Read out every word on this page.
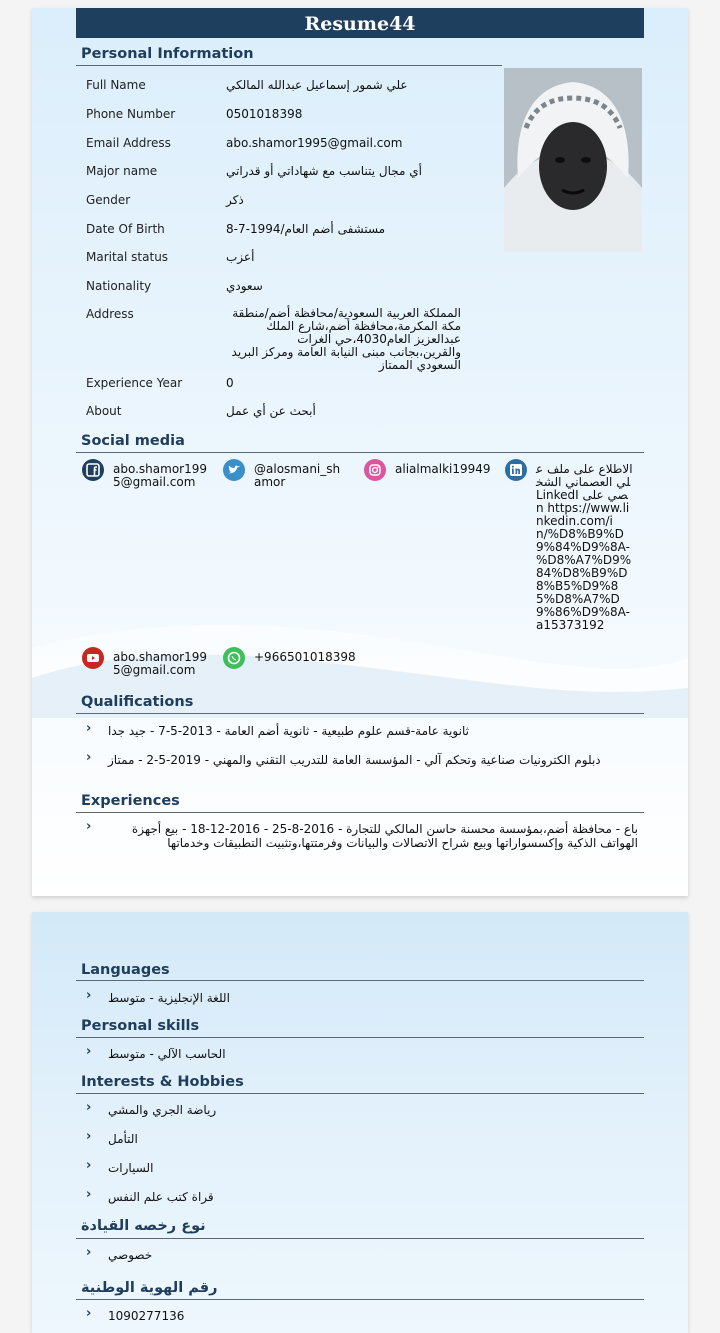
Resume44
Personal Information
Full Name	علي شمور إسماعيل عبدالله المالكي
Phone Number	0501018398
Email Address	abo.shamor1995@gmail.com
Major name	أي مجال يتناسب مع شهاداتي أو قدراتي
Gender	ذكر
Date Of Birth	مستشفى أضم العام/1994-7-8
Marital status	أعزب
Nationality	سعودي
Address	المملكة العربية السعودية/محافظة أضم/منطقة مكة المكرمة،محافظة أضم،شارع الملك عبدالعزيز العام4030،حي الغرات والقرين،بجانب مبنى النيابة العامة ومركز البريد السعودي الممتاز
Experience Year	0
About	أبحث عن أي عمل
Social media
abo.shamor1995@gmail.com
@alosmani_shamor
alialmalki19949	الاطلاع على ملف علي العصماني الشخصي على LinkedIn https://www.linkedin.com/in/%D8%B9%D9%84%D9%8A-%D8%A7%D9%84%D8%B9%D8%B5%D9%85%D8%A7%D9%86%D9%8A-a15373192
abo.shamor1995@gmail.com
+966501018398
Qualifications
› ثانوية عامة-قسم علوم طبيعية - ثانوية أضم العامة - 2013-5-7 - جيد جدا
› دبلوم الكترونيات صناعية وتحكم آلي - المؤسسة العامة للتدريب التقني والمهني - 2019-5-2 - ممتاز
Experiences
›	باع - محافظة أضم،بمؤسسة محسنة حاسن المالكي للتجارة - 2016-8-25 - 2016-12-18 - بيع أجهزة الهواتف الذكية وإكسسواراتها وبيع شراح الاتصالات والبيانات وفرمتتها،وتثبيت التطبيقات وخدماتها
Languages
› اللغة الإنجليزية - متوسط
Personal skills
› الحاسب الآلي - متوسط
Interests & Hobbies
› رياضة الجري والمشي
› التأمل
› السيارات
› قراة كتب علم النفس
نوع رخصه القيادة
› خصوصي
رقم الهوية الوطنية
› 1090277136
